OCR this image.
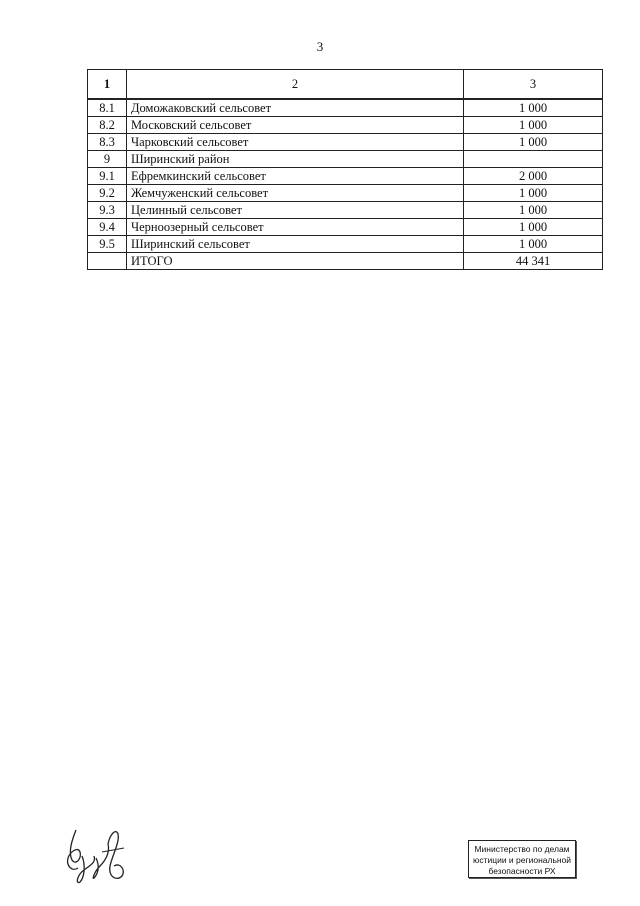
3
1	2	3
8.1	Доможаковский сельсовет	1 000
8.2	Московский сельсовет	1 000
8.3	Чарковский сельсовет	1 000
9	Ширинский район	
9.1	Ефремкинский сельсовет	2 000
9.2	Жемчуженский сельсовет	1 000
9.3	Целинный сельсовет	1 000
9.4	Черноозерный сельсовет	1 000
9.5	Ширинский сельсовет	1 000
	ИТОГО	44 341
Министерство по делам
юстиции и региональной
безопасности РХ
